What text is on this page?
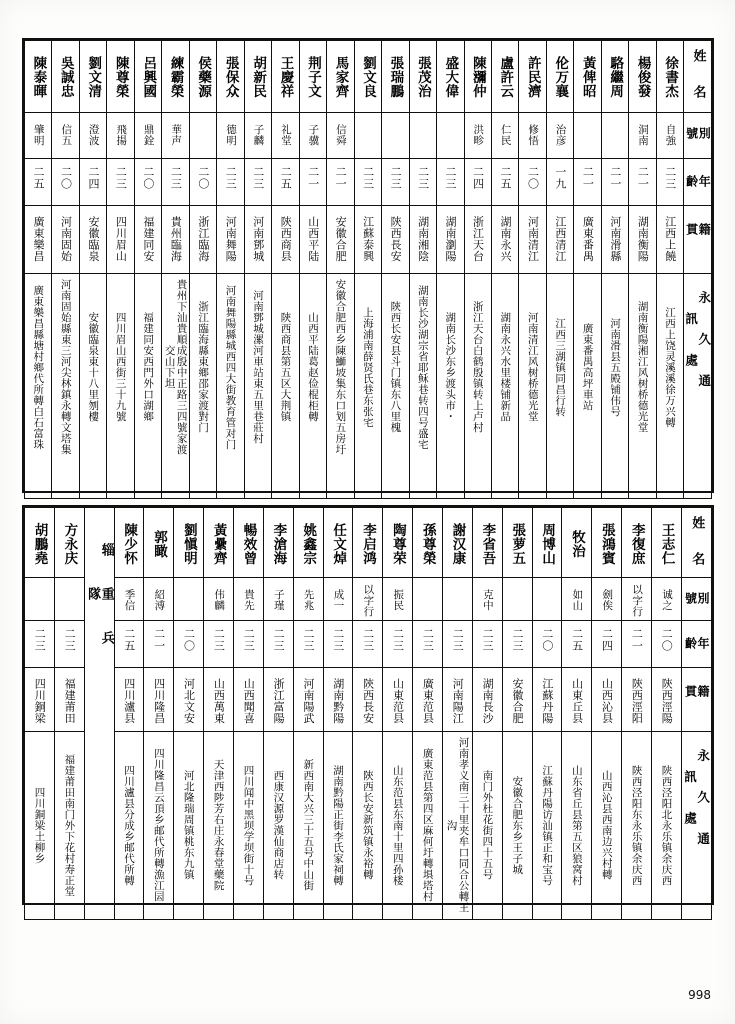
陳泰暉	吳誠忠	劉文清	陳尊榮	呂興國	練霸榮	侯藥源	張保众	胡新民	王慶祥	荆子文	馬家齊	劉文良	張瑞鵬	張茂治	盛大偉	陳瀰仲	盧許云	許民濟	伦万襄	黃俾昭	駱繼周	楊俊發	徐書杰	姓 名

肇明	信五	澄波	飛揚	鼎銓	華声		德明	子麟	礼堂	子骥	信舜					洪畛	仁民	修悟	治彦			洞南	自強	別 號

二五	二〇	二四	二三	二〇	二三	二〇	二三	二三	二五	二一	二一	二三	二三	二三	二三	二四	二五	二〇	一九	二一	二一	二一	二三	年 齡

廣東樂昌	河南固始	安徽臨泉	四川眉山	福建同安	貴州臨海	浙江臨海	河南舞陽	河南鄧城	陝西商县	山西平陆	安徽合肥	江蘇泰興	陝西長安	湖南湘陰	湖南瀏陽	浙江天台	湖南永兴	河南清江	江西清江	廣東番禺	河南滑縣	湖南衡陽	江西上饒	籍 貫

廣東樂昌縣塘村鄉代所轉白石富珠	河南固始縣東三河尖林鎮永轉文塔集	安徽臨泉東十八里刎樓	四川眉山西街三十九號	福建同安西門外口湖鄉	貴州下汕貴順成殷中正路三四號家渡交山下坦	浙江臨海縣東鄉邵家渡對门	河南舞陽縣城西四大街教育管对门	河南鄧城漯河車站東五里巷莊村	陝西商县第五区大荆镇	山西平陆葛赵俭棍柜轉	安徽合肥西乡陳鰤坡集东口划五房圩	上海浦南薛贤氏巷东张宅	陝西长安县斗门镇东八里槐	湖南长沙湖宗省耶稣巷转四号盛宅	湖南长沙东乡渡头市・	浙江天台白鹤殷镇转上卢村	湖南永兴水里楼铺新品	河南清江风树桥德光堂	江西三湖镇同昌行转	廣東番禺高坪車站	河南滑县五殿铺伟号	湖南衡陽湘江风树桥德光堂	江西上饶灵溪溪徐万兴轉	永 久 通 訊 處
胡鵬堯	方永庆	辎 重 兵 隊	陳少怀	郭瞰	劉愼明	黃纍齊	暢效曾	李滄海	姚鑫宗	任文焯	李启鸿	陶尊荣	孫尊榮	謝汉康	李省吾	張萝五	周博山	牧治	張鴻賓	李復庶	王志仁	姓 名

			季信	紹溥		伟麟	貴先	子瑾	先兆	成一	以字行	振民			克中			如山	劍俟	以字行	诚之	別 號

二三	二三		二五	二一	二〇	二三	二三	二三	二三	二三	二三	二三	二三	二三	二三	二三	二〇	二五	二四	二一	二〇	年 齡

四川銅梁	福建莆田		四川瀘县	四川隆昌	河北文安	山西萬東	山西聞喜	浙江富陽	河南陽武	湖南黔陽	陝西長安	山東范县	廣東范县	河南陽江	湖南長沙	安徽合肥	江蘇丹陽	山東丘县	山西沁县	陝西涇阳	陝西涇陽	籍 貫

四川銅梁土柳乡	福建莆田南门外下花村寿正堂		四川瀘县分成乡邮代所轉	四川隆昌云頂乡邮代所轉漁江囩	河北隆瑞周镇桃东九镇	天津西陟芳右庄永春堂藥院	四川闻中黑坝学坝街十号	西康汉源罗漢仙商店转	新西南大兴三十五号中山街	湖南黔陽正街李氏家祠轉	陝西长安新筑镇永裕轉	山东范县东南十里四孙楼	廣東范县第四区麻何圩轉埧塔村	河南孝义南三十里夹牟口同合公轉王沟	南门外杜花街四十五号	安徽合肥东乡王子城	江蘇丹陽访汕镇正和宝号	山东省丘县第五区狼窝村	山西沁县西南边兴村轉	陝西泾阳东永乐镇余庆西	陕西泾阳北永乐镇余庆西	永 久 通 訊 處
998
